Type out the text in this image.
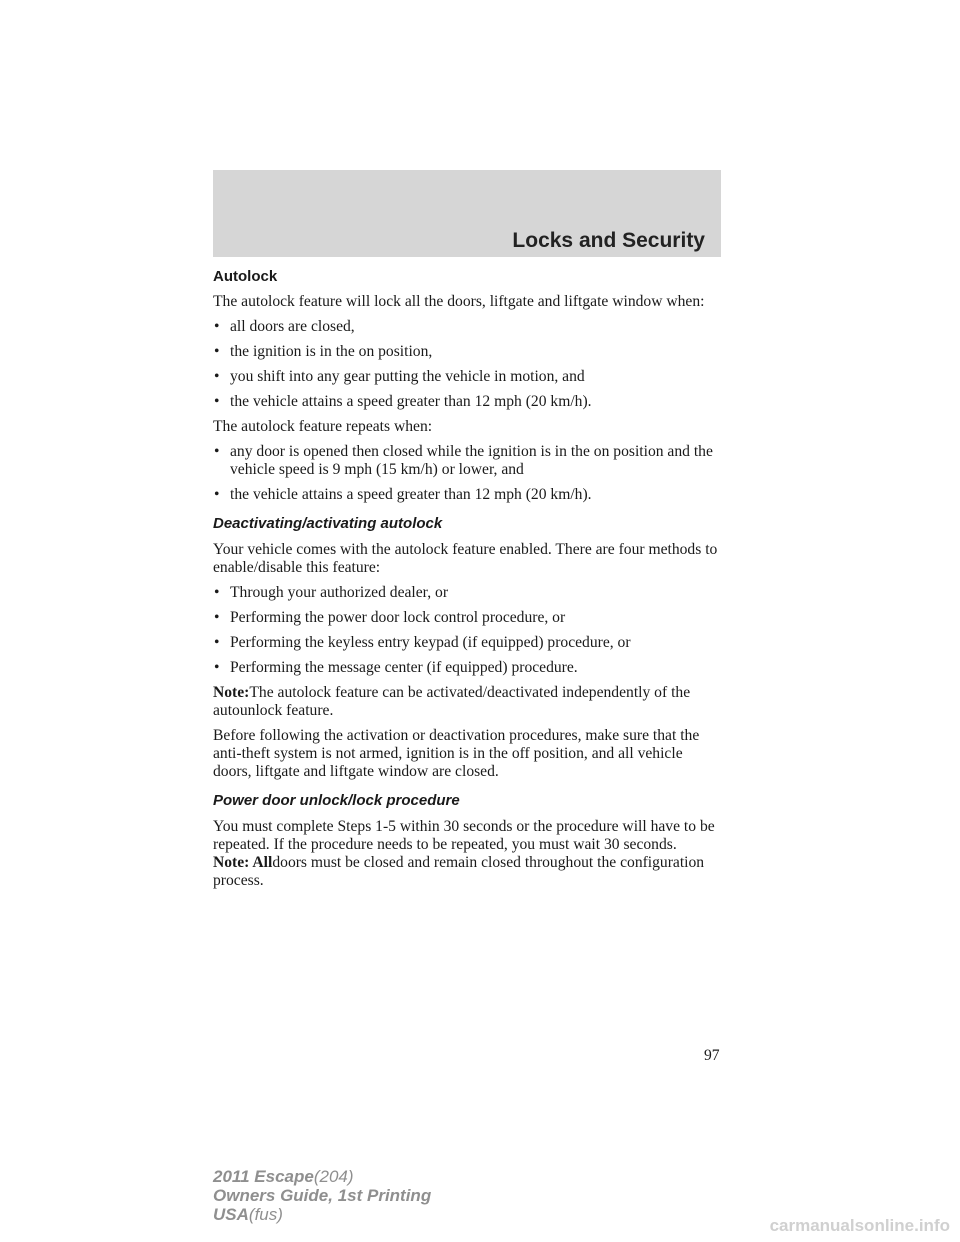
Locks and Security
Autolock

The autolock feature will lock all the doors, liftgate and liftgate window when:

• all doors are closed,
• the ignition is in the on position,
• you shift into any gear putting the vehicle in motion, and
• the vehicle attains a speed greater than 12 mph (20 km/h).

The autolock feature repeats when:

• any door is opened then closed while the ignition is in the on position and the vehicle speed is 9 mph (15 km/h) or lower, and
• the vehicle attains a speed greater than 12 mph (20 km/h).
Deactivating/activating autolock

Your vehicle comes with the autolock feature enabled. There are four methods to enable/disable this feature:

• Through your authorized dealer, or
• Performing the power door lock control procedure, or
• Performing the keyless entry keypad (if equipped) procedure, or
• Performing the message center (if equipped) procedure.

Note:The autolock feature can be activated/deactivated independently of the autounlock feature.

Before following the activation or deactivation procedures, make sure that the anti-theft system is not armed, ignition is in the off position, and all vehicle doors, liftgate and liftgate window are closed.

Power door unlock/lock procedure

You must complete Steps 1-5 within 30 seconds or the procedure will have to be repeated. If the procedure needs to be repeated, you must wait 30 seconds.

Note: Alldoors must be closed and remain closed throughout the configuration process.

97
2011 Escape(204)
Owners Guide, 1st Printing
USA(fus)
carmanualsonline.info
